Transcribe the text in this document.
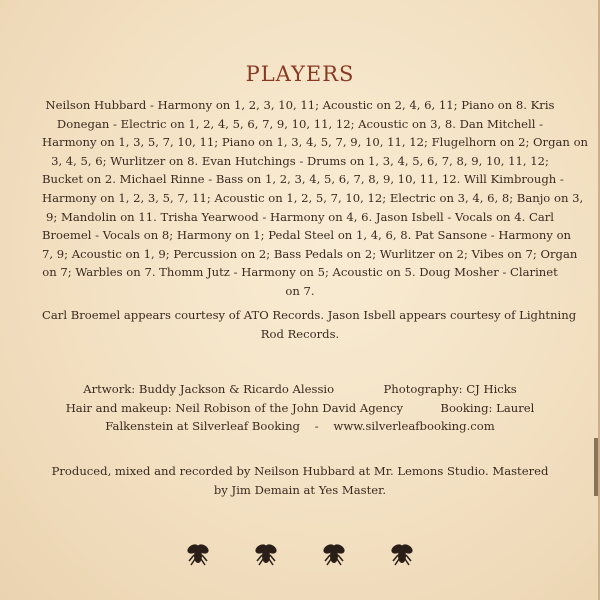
PLAYERS
Neilson Hubbard - Harmony on 1, 2, 3, 10, 11; Acoustic on 2, 4, 6, 11; Piano on 8. Kris
Donegan - Electric on 1, 2, 4, 5, 6, 7, 9, 10, 11, 12; Acoustic on 3, 8. Dan Mitchell -
Harmony on 1, 3, 5, 7, 10, 11; Piano on 1, 3, 4, 5, 7, 9, 10, 11, 12; Flugelhorn on 2; Organ on
3, 4, 5, 6; Wurlitzer on 8. Evan Hutchings - Drums on 1, 3, 4, 5, 6, 7, 8, 9, 10, 11, 12;
Bucket on 2. Michael Rinne - Bass on 1, 2, 3, 4, 5, 6, 7, 8, 9, 10, 11, 12. Will Kimbrough -
Harmony on 1, 2, 3, 5, 7, 11; Acoustic on 1, 2, 5, 7, 10, 12; Electric on 3, 4, 6, 8; Banjo on 3,
9; Mandolin on 11. Trisha Yearwood - Harmony on 4, 6. Jason Isbell - Vocals on 4. Carl
Broemel - Vocals on 8; Harmony on 1; Pedal Steel on 1, 4, 6, 8. Pat Sansone - Harmony on
7, 9; Acoustic on 1, 9; Percussion on 2; Bass Pedals on 2; Wurlitzer on 2; Vibes on 7; Organ
on 7; Warbles on 7. Thomm Jutz - Harmony on 5; Acoustic on 5. Doug Mosher - Clarinet
on 7.
Carl Broemel appears courtesy of ATO Records. Jason Isbell appears courtesy of Lightning
Rod Records.
Artwork: Buddy Jackson & Ricardo Alessio	Photography: CJ Hicks
Hair and makeup: Neil Robison of the John David Agency	Booking: Laurel
Falkenstein at Silverleaf Booking - www.silverleafbooking.com
Produced, mixed and recorded by Neilson Hubbard at Mr. Lemons Studio. Mastered
by Jim Demain at Yes Master.
